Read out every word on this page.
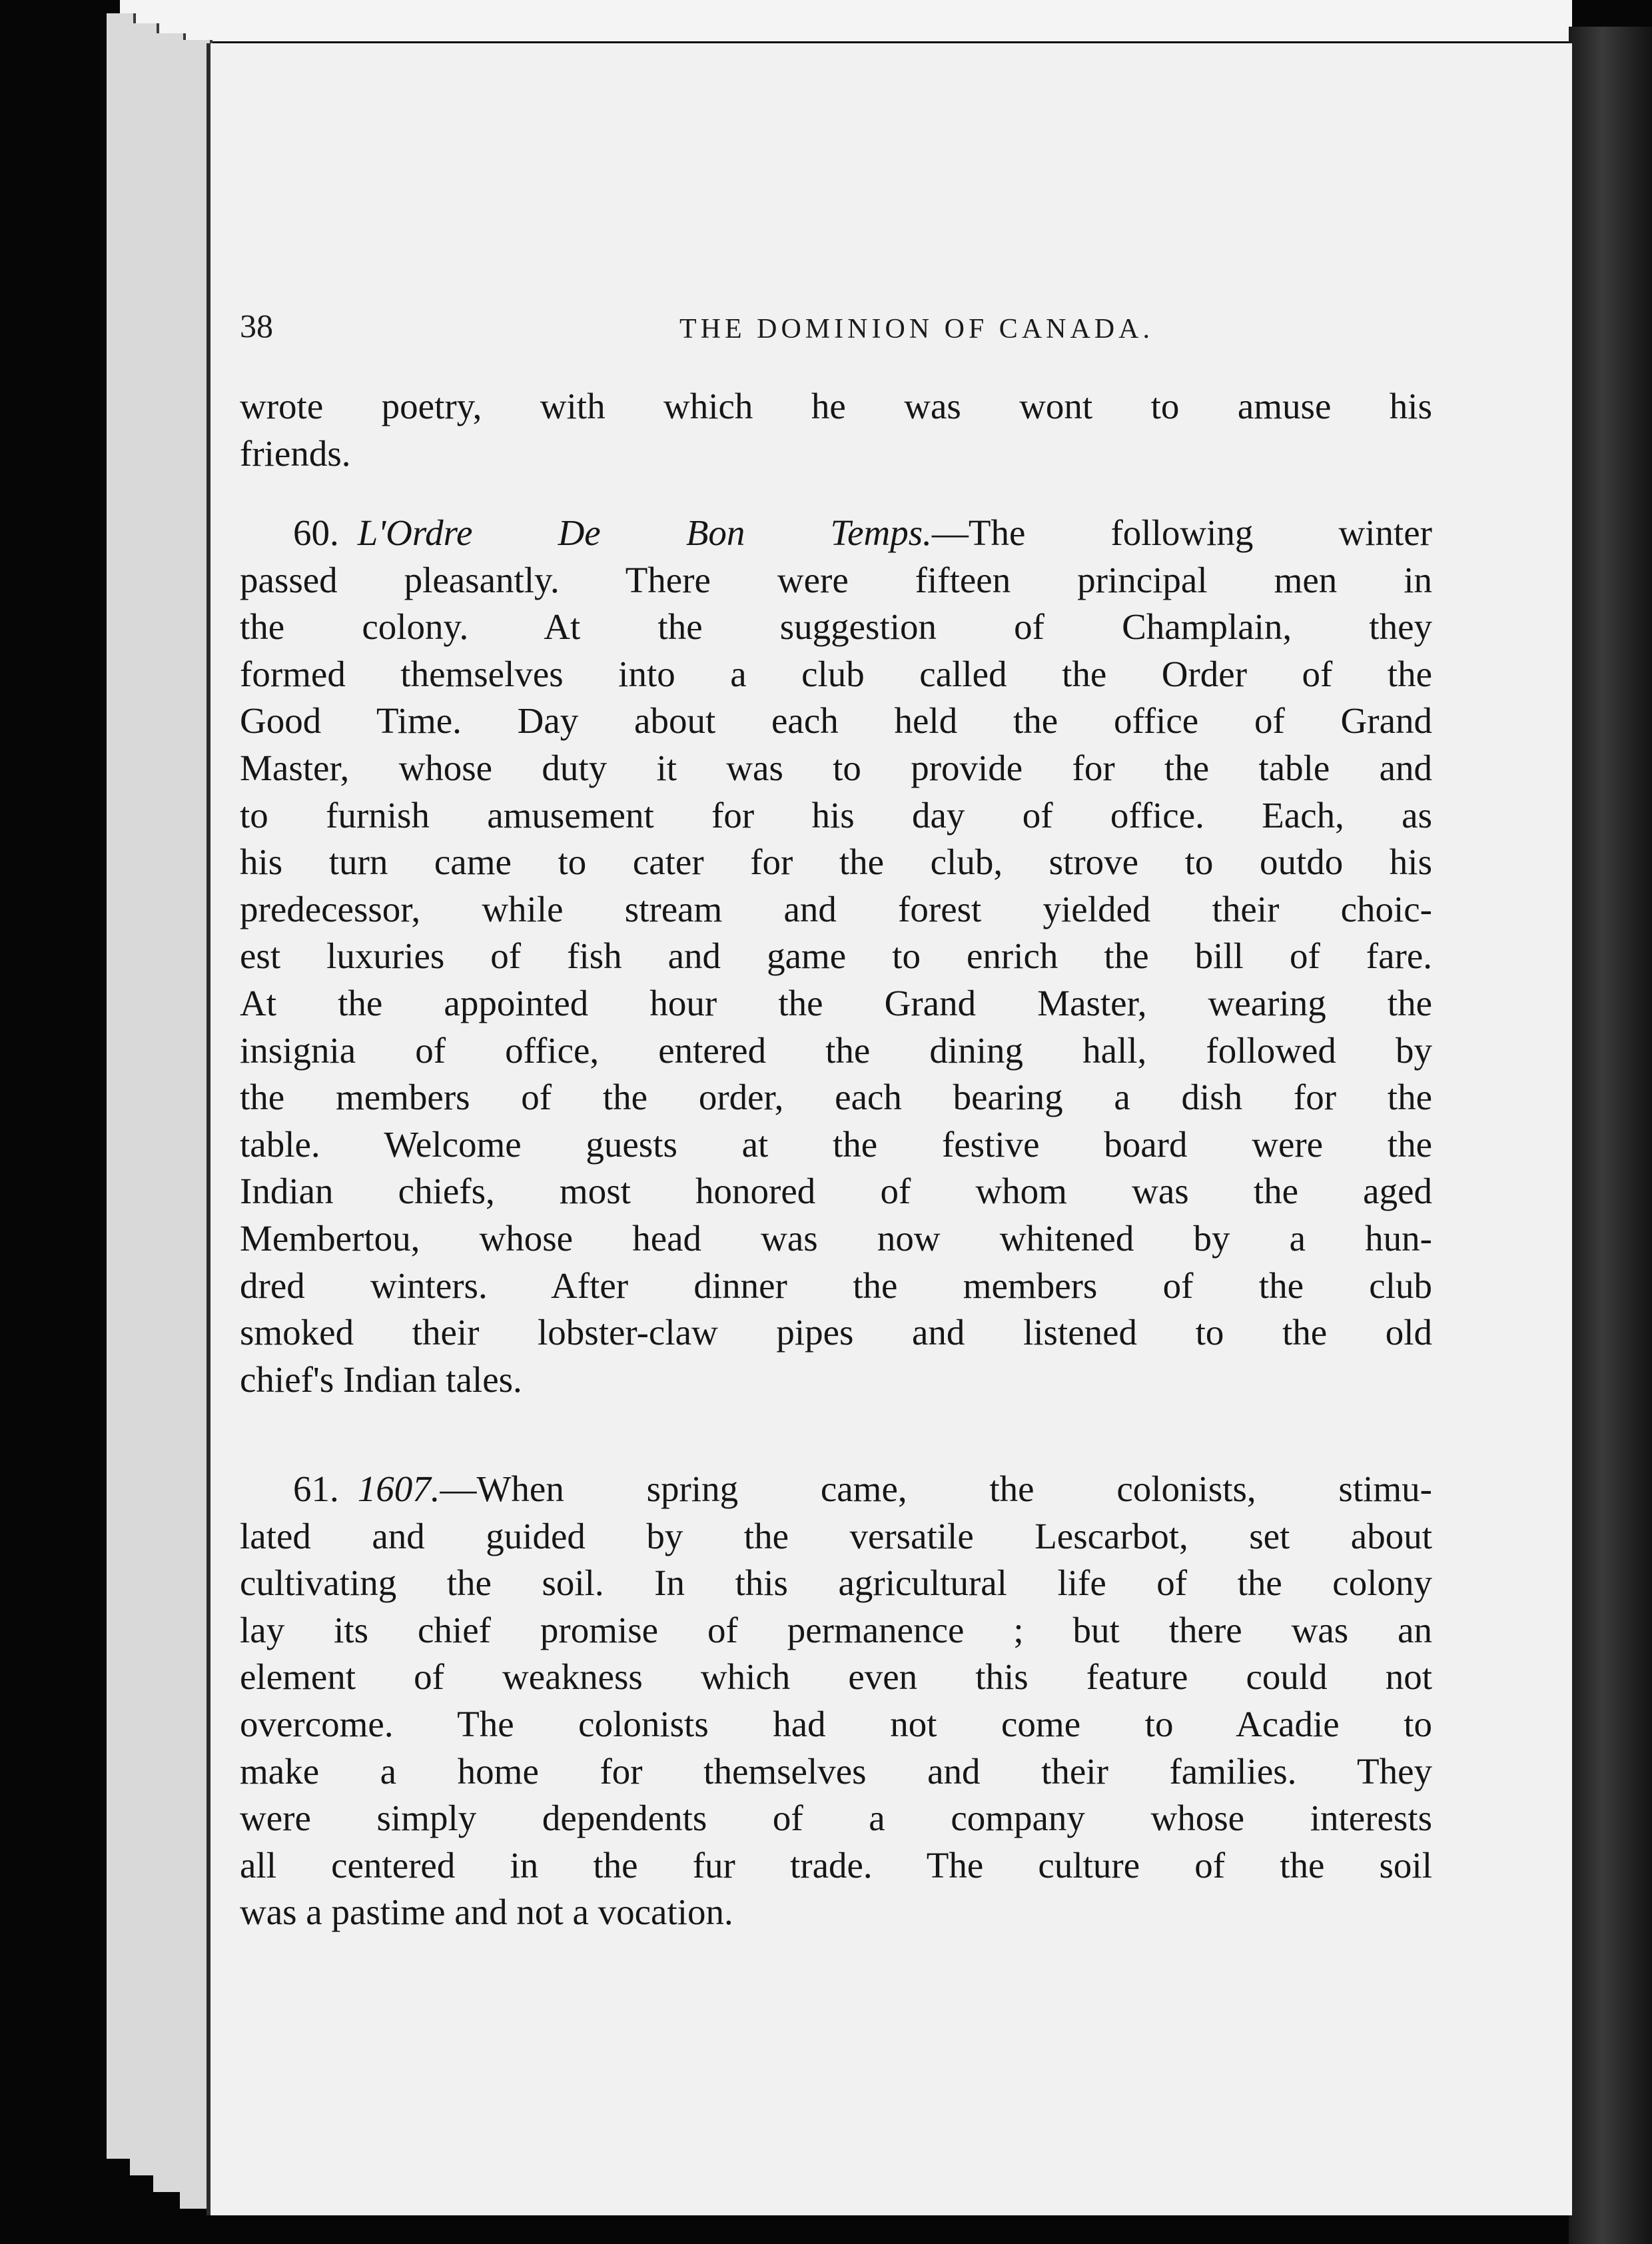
38	THE DOMINION OF CANADA.
wrote poetry, with which he was wont to amuse his
friends.
60. L'Ordre De Bon Temps.—The following winter
passed pleasantly. There were fifteen principal men in
the colony. At the suggestion of Champlain, they
formed themselves into a club called the Order of the
Good Time. Day about each held the office of Grand
Master, whose duty it was to provide for the table and
to furnish amusement for his day of office. Each, as
his turn came to cater for the club, strove to outdo his
predecessor, while stream and forest yielded their choic-
est luxuries of fish and game to enrich the bill of fare.
At the appointed hour the Grand Master, wearing the
insignia of office, entered the dining hall, followed by
the members of the order, each bearing a dish for the
table. Welcome guests at the festive board were the
Indian chiefs, most honored of whom was the aged
Membertou, whose head was now whitened by a hun-
dred winters. After dinner the members of the club
smoked their lobster-claw pipes and listened to the old
chief's Indian tales.
61. 1607.—When spring came, the colonists, stimu-
lated and guided by the versatile Lescarbot, set about
cultivating the soil. In this agricultural life of the colony
lay its chief promise of permanence ; but there was an
element of weakness which even this feature could not
overcome. The colonists had not come to Acadie to
make a home for themselves and their families. They
were simply dependents of a company whose interests
all centered in the fur trade. The culture of the soil
was a pastime and not a vocation.
